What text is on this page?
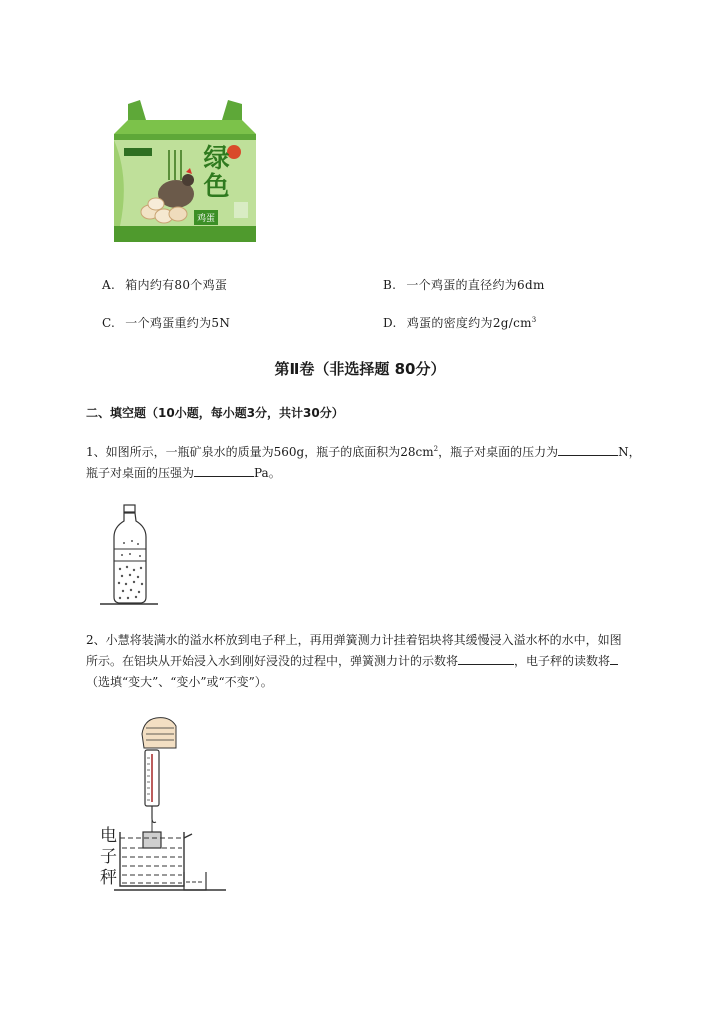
绿色
鸡蛋
A. 箱内约有80个鸡蛋	B. 一个鸡蛋的直径约为6dm
C. 一个鸡蛋重约为5N	D. 鸡蛋的密度约为$2g/cm^3$
第Ⅱ卷（非选择题 80分）
二、填空题（10小题，每小题3分，共计30分）
1、如图所示，一瓶矿泉水的质量为560g，瓶子的底面积为$28cm^2$，瓶子对桌面的压力为	N，
瓶子对桌面的压强为	Pa。
2、小慧将装满水的溢水杯放到电子秤上，再用弹簧测力计挂着铝块将其缓慢浸入溢水杯的水中，如图
所示。在铝块从开始浸入水到刚好浸没的过程中，弹簧测力计的示数将	，电子秤的读数将
（选填“变大”、“变小”或“不变”）。
电
子
秤
